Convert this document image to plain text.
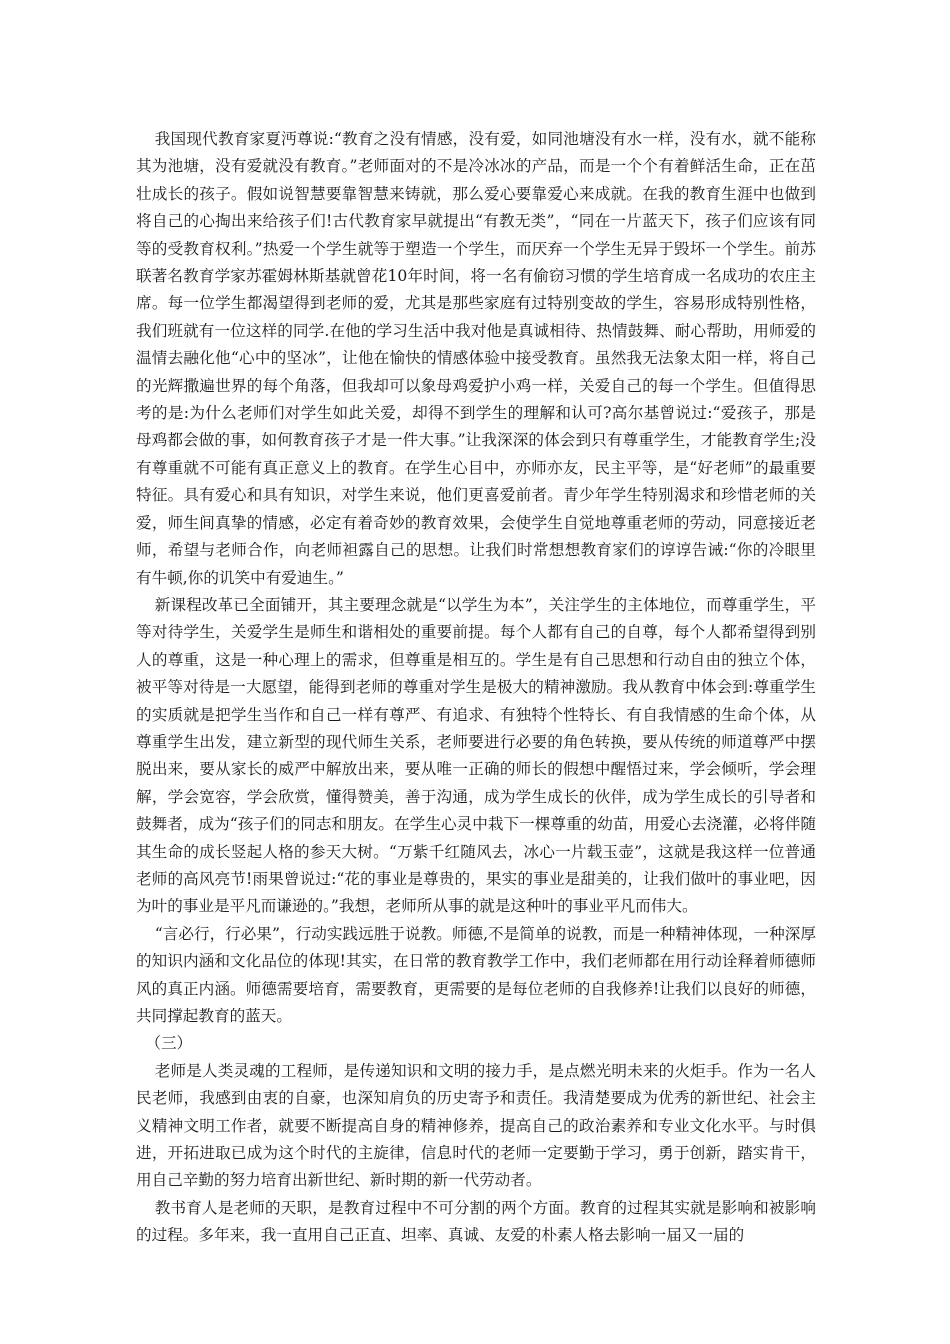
我国现代教育家夏沔尊说:“教育之没有情感，没有爱，如同池塘没有水一样，没有水，就不能称其为池塘，没有爱就没有教育。”老师面对的不是冷冰冰的产品，而是一个个有着鲜活生命，正在茁壮成长的孩子。假如说智慧要靠智慧来铸就，那么爱心要靠爱心来成就。在我的教育生涯中也做到将自己的心掏出来给孩子们!古代教育家早就提出“有教无类”，“同在一片蓝天下，孩子们应该有同等的受教育权利。”热爱一个学生就等于塑造一个学生，而厌弃一个学生无异于毁坏一个学生。前苏联著名教育学家苏霍姆林斯基就曾花10年时间，将一名有偷窃习惯的学生培育成一名成功的农庄主席。每一位学生都渴望得到老师的爱，尤其是那些家庭有过特别变故的学生，容易形成特别性格，我们班就有一位这样的同学.在他的学习生活中我对他是真诚相待、热情鼓舞、耐心帮助，用师爱的温情去融化他“心中的坚冰”，让他在愉快的情感体验中接受教育。虽然我无法象太阳一样，将自己的光辉撒遍世界的每个角落，但我却可以象母鸡爱护小鸡一样，关爱自己的每一个学生。但值得思考的是:为什么老师们对学生如此关爱，却得不到学生的理解和认可?高尔基曾说过:“爱孩子，那是母鸡都会做的事，如何教育孩子才是一件大事。”让我深深的体会到只有尊重学生，才能教育学生;没有尊重就不可能有真正意义上的教育。在学生心目中，亦师亦友，民主平等，是“好老师”的最重要特征。具有爱心和具有知识，对学生来说，他们更喜爱前者。青少年学生特别渴求和珍惜老师的关爱，师生间真挚的情感，必定有着奇妙的教育效果，会使学生自觉地尊重老师的劳动，同意接近老师，希望与老师合作，向老师袒露自己的思想。让我们时常想想教育家们的谆谆告诫:“你的冷眼里有牛顿,你的讥笑中有爱迪生。”

新课程改革已全面铺开，其主要理念就是“以学生为本”，关注学生的主体地位，而尊重学生，平等对待学生，关爱学生是师生和谐相处的重要前提。每个人都有自己的自尊，每个人都希望得到别人的尊重，这是一种心理上的需求，但尊重是相互的。学生是有自己思想和行动自由的独立个体，被平等对待是一大愿望，能得到老师的尊重对学生是极大的精神激励。我从教育中体会到:尊重学生的实质就是把学生当作和自己一样有尊严、有追求、有独特个性特长、有自我情感的生命个体，从尊重学生出发，建立新型的现代师生关系，老师要进行必要的角色转换，要从传统的师道尊严中摆脱出来，要从家长的威严中解放出来，要从唯一正确的师长的假想中醒悟过来，学会倾听，学会理解，学会宽容，学会欣赏，懂得赞美，善于沟通，成为学生成长的伙伴，成为学生成长的引导者和鼓舞者，成为“孩子们的同志和朋友。在学生心灵中栽下一棵尊重的幼苗，用爱心去浇灌，必将伴随其生命的成长竖起人格的参天大树。“万紫千红随风去，冰心一片载玉壶”，这就是我这样一位普通老师的高风亮节!雨果曾说过:“花的事业是尊贵的，果实的事业是甜美的，让我们做叶的事业吧，因为叶的事业是平凡而谦逊的。”我想，老师所从事的就是这种叶的事业平凡而伟大。

“言必行，行必果”，行动实践远胜于说教。师德,不是简单的说教，而是一种精神体现，一种深厚的知识内涵和文化品位的体现!其实，在日常的教育教学工作中，我们老师都在用行动诠释着师德师风的真正内涵。师德需要培育，需要教育，更需要的是每位老师的自我修养!让我们以良好的师德，共同撑起教育的蓝天。

（三）

老师是人类灵魂的工程师，是传递知识和文明的接力手，是点燃光明未来的火炬手。作为一名人民老师，我感到由衷的自豪，也深知肩负的历史寄予和责任。我清楚要成为优秀的新世纪、社会主义精神文明工作者，就要不断提高自身的精神修养，提高自己的政治素养和专业文化水平。与时俱进，开拓进取已成为这个时代的主旋律，信息时代的老师一定要勤于学习，勇于创新，踏实肯干，用自己辛勤的努力培育出新世纪、新时期的新一代劳动者。

教书育人是老师的天职，是教育过程中不可分割的两个方面。教育的过程其实就是影响和被影响的过程。多年来，我一直用自己正直、坦率、真诚、友爱的朴素人格去影响一届又一届的
